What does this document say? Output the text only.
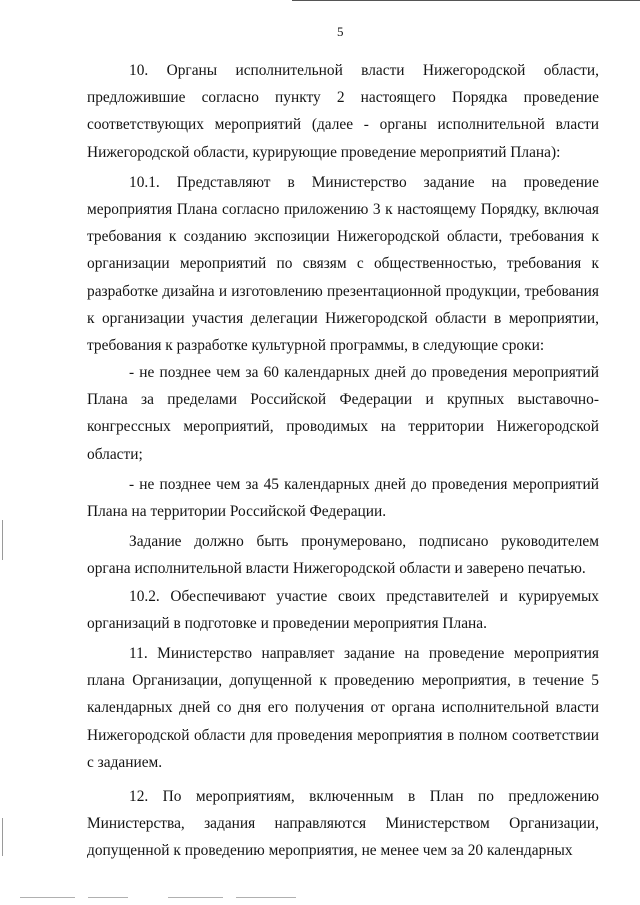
5
10. Органы исполнительной власти Нижегородской области,
предложившие согласно пункту 2 настоящего Порядка проведение
соответствующих мероприятий (далее - органы исполнительной власти
Нижегородской области, курирующие проведение мероприятий Плана):
10.1. Представляют в Министерство задание на проведение
мероприятия Плана согласно приложению 3 к настоящему Порядку, включая
требования к созданию экспозиции Нижегородской области, требования к
организации мероприятий по связям с общественностью, требования к
разработке дизайна и изготовлению презентационной продукции, требования
к организации участия делегации Нижегородской области в мероприятии,
требования к разработке культурной программы, в следующие сроки:
- не позднее чем за 60 календарных дней до проведения мероприятий
Плана за пределами Российской Федерации и крупных выставочно-
конгрессных мероприятий, проводимых на территории Нижегородской
области;
- не позднее чем за 45 календарных дней до проведения мероприятий
Плана на территории Российской Федерации.
Задание должно быть пронумеровано, подписано руководителем
органа исполнительной власти Нижегородской области и заверено печатью.
10.2. Обеспечивают участие своих представителей и курируемых
организаций в подготовке и проведении мероприятия Плана.
11. Министерство направляет задание на проведение мероприятия
плана Организации, допущенной к проведению мероприятия, в течение 5
календарных дней со дня его получения от органа исполнительной власти
Нижегородской области для проведения мероприятия в полном соответствии
с заданием.
12. По мероприятиям, включенным в План по предложению
Министерства, задания направляются Министерством Организации,
допущенной к проведению мероприятия, не менее чем за 20 календарных
